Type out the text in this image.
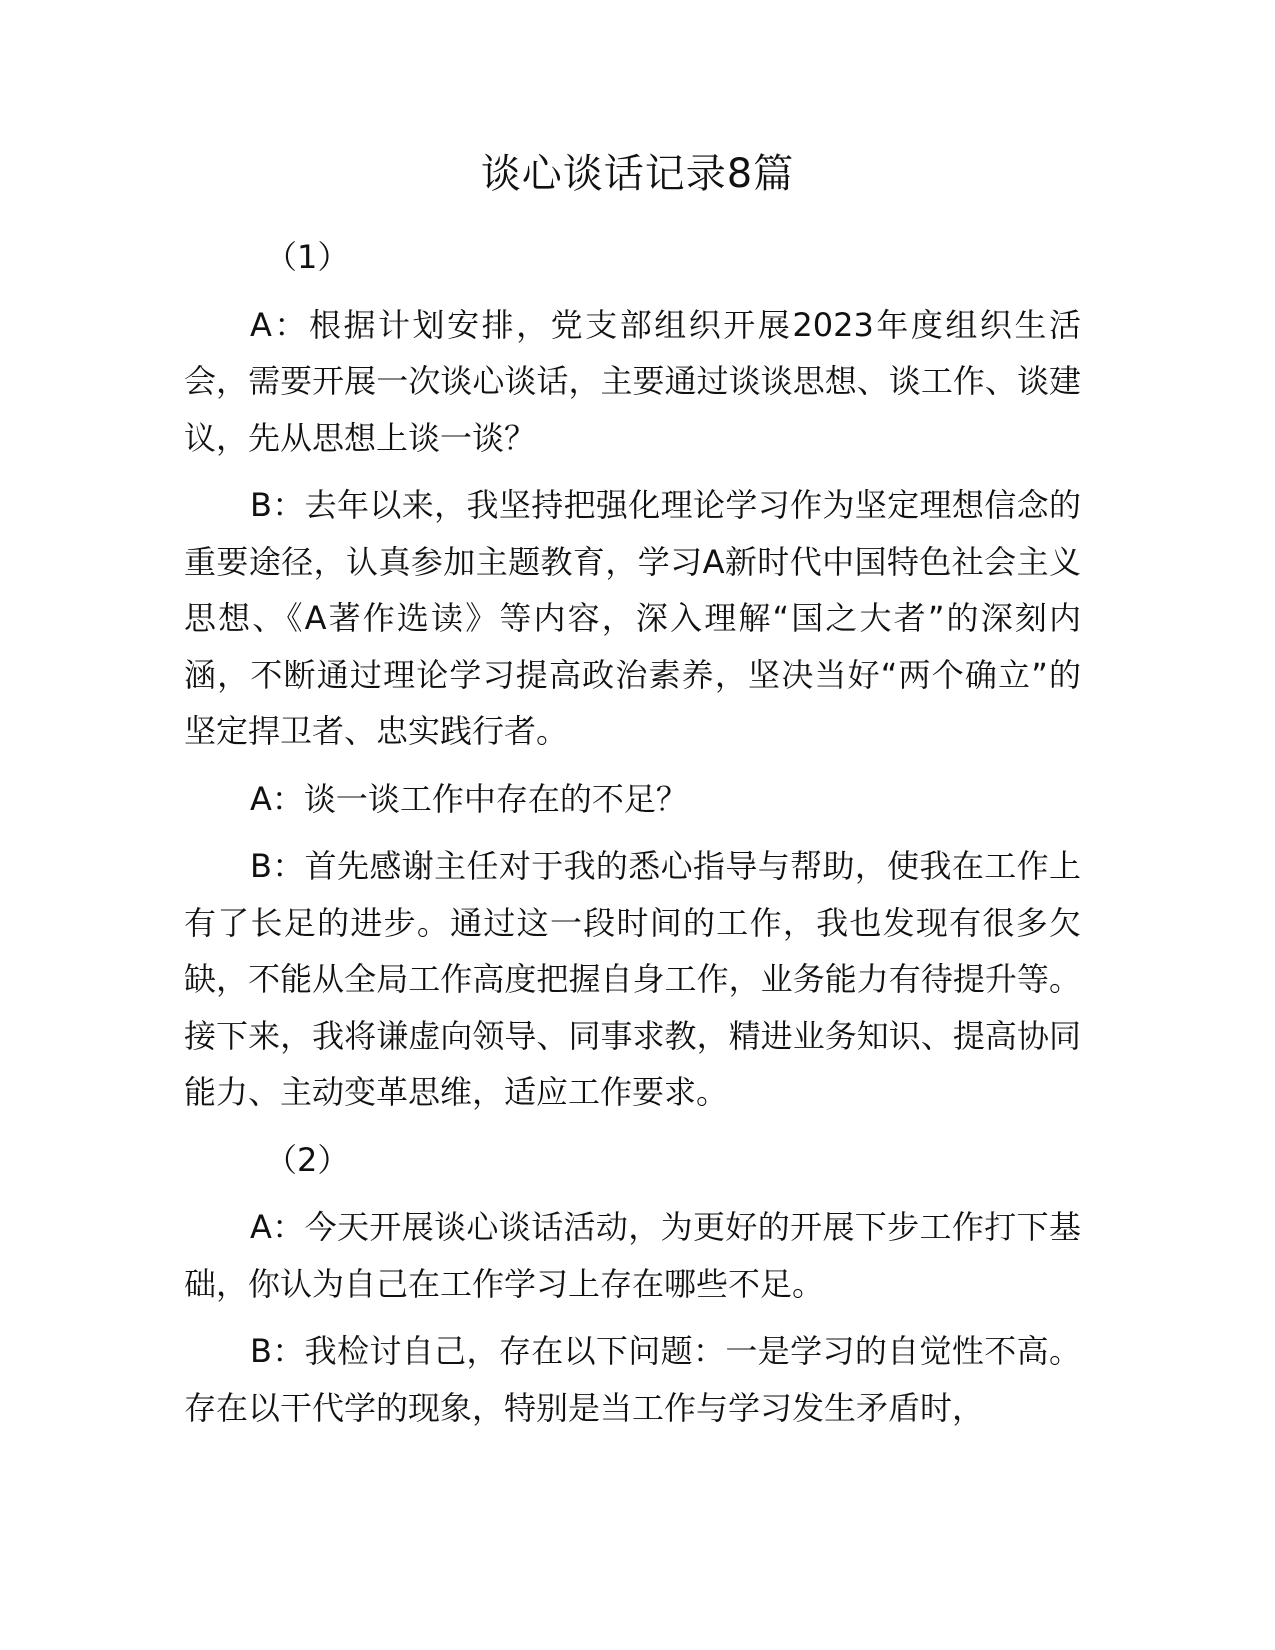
谈心谈话记录8篇

（1）

A：根据计划安排，党支部组织开展2023年度组织生活会，需要开展一次谈心谈话，主要通过谈谈思想、谈工作、谈建议，先从思想上谈一谈？

B：去年以来，我坚持把强化理论学习作为坚定理想信念的重要途径，认真参加主题教育，学习A新时代中国特色社会主义思想、《A著作选读》等内容，深入理解“国之大者”的深刻内涵，不断通过理论学习提高政治素养，坚决当好“两个确立”的坚定捍卫者、忠实践行者。

A：谈一谈工作中存在的不足？

B：首先感谢主任对于我的悉心指导与帮助，使我在工作上有了长足的进步。通过这一段时间的工作，我也发现有很多欠缺，不能从全局工作高度把握自身工作，业务能力有待提升等。接下来，我将谦虚向领导、同事求教，精进业务知识、提高协同能力、主动变革思维，适应工作要求。

（2）

A：今天开展谈心谈话活动，为更好的开展下步工作打下基础，你认为自己在工作学习上存在哪些不足。

B：我检讨自己，存在以下问题：一是学习的自觉性不高。存在以干代学的现象，特别是当工作与学习发生矛盾时，
